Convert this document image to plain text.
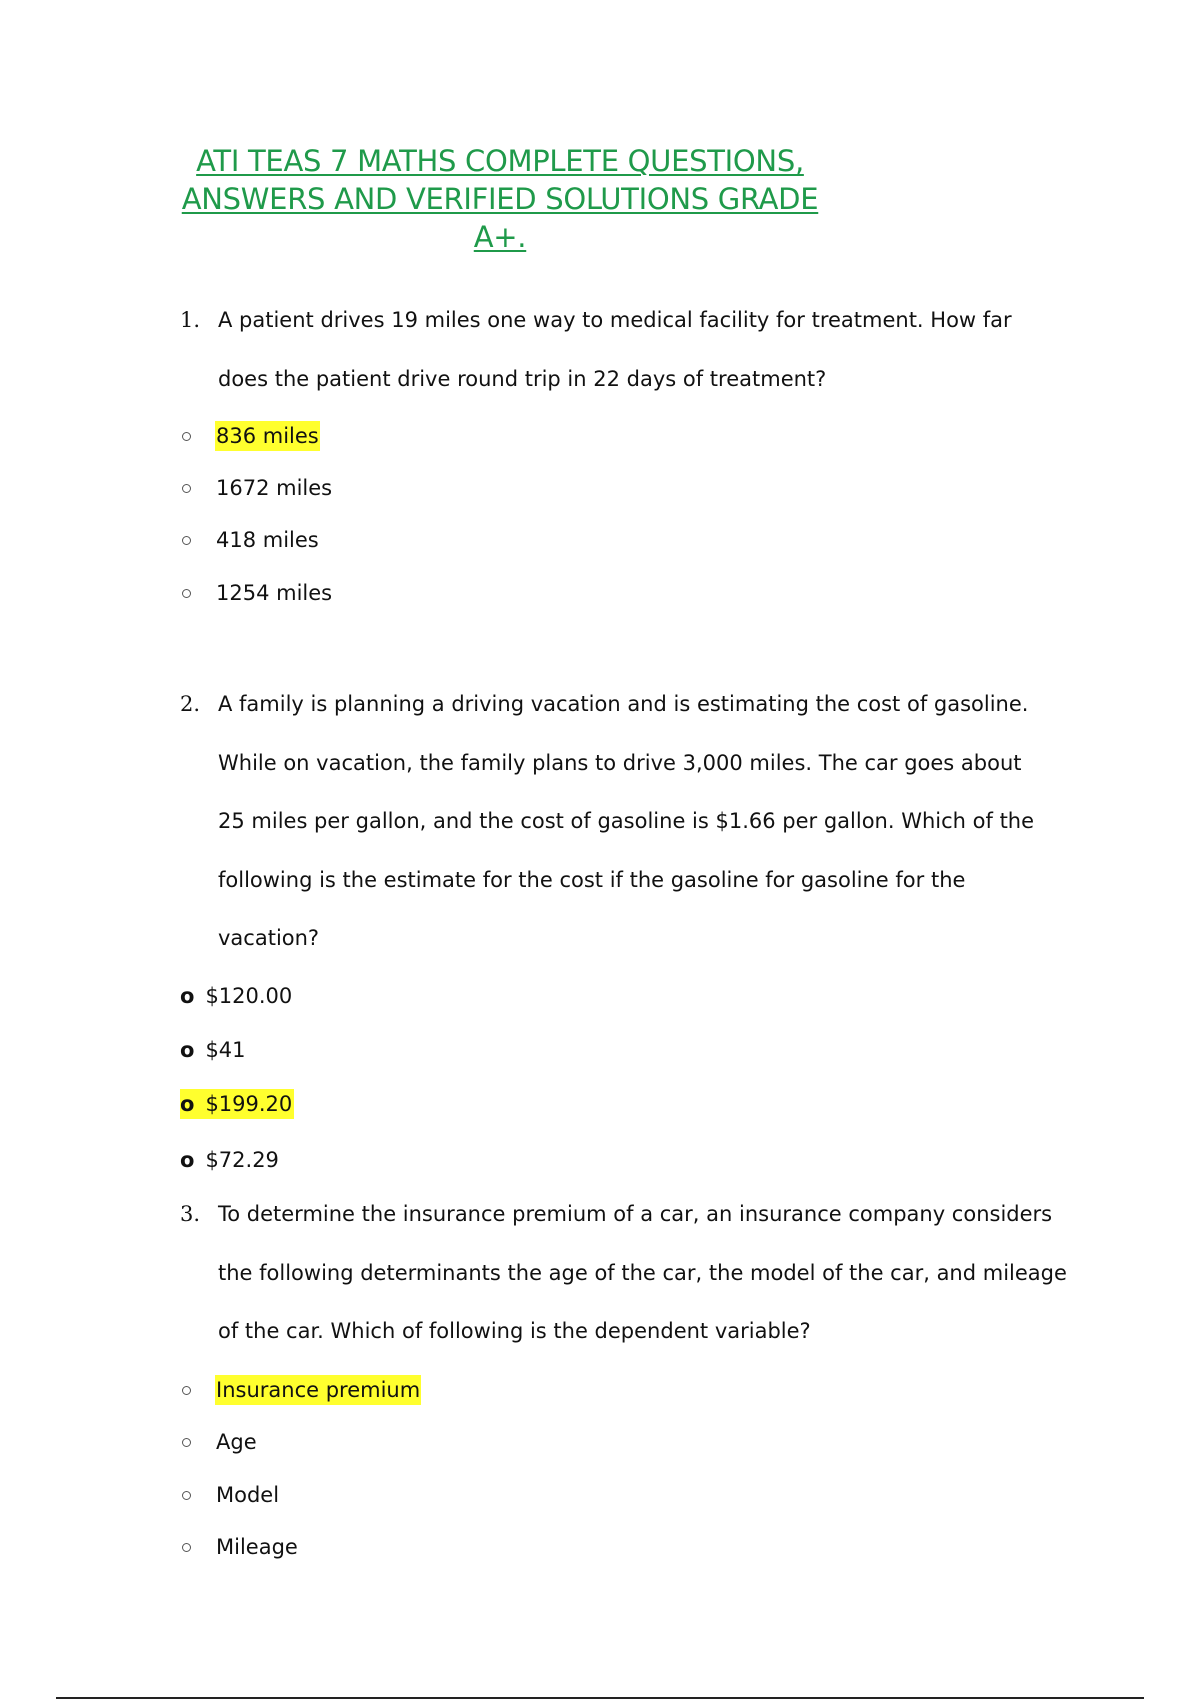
ATI TEAS 7 MATHS COMPLETE QUESTIONS,
ANSWERS AND VERIFIED SOLUTIONS GRADE
A+.
1. A patient drives 19 miles one way to medical facility for treatment. How far does the patient drive round trip in 22 days of treatment?
836 miles
1672 miles
418 miles
1254 miles
2. A family is planning a driving vacation and is estimating the cost of gasoline. While on vacation, the family plans to drive 3,000 miles. The car goes about 25 miles per gallon, and the cost of gasoline is $1.66 per gallon. Which of the following is the estimate for the cost if the gasoline for gasoline for the vacation?
o $120.00
o $41
o $199.20
o $72.29
3. To determine the insurance premium of a car, an insurance company considers the following determinants the age of the car, the model of the car, and mileage of the car. Which of following is the dependent variable?
Insurance premium
Age
Model
Mileage
